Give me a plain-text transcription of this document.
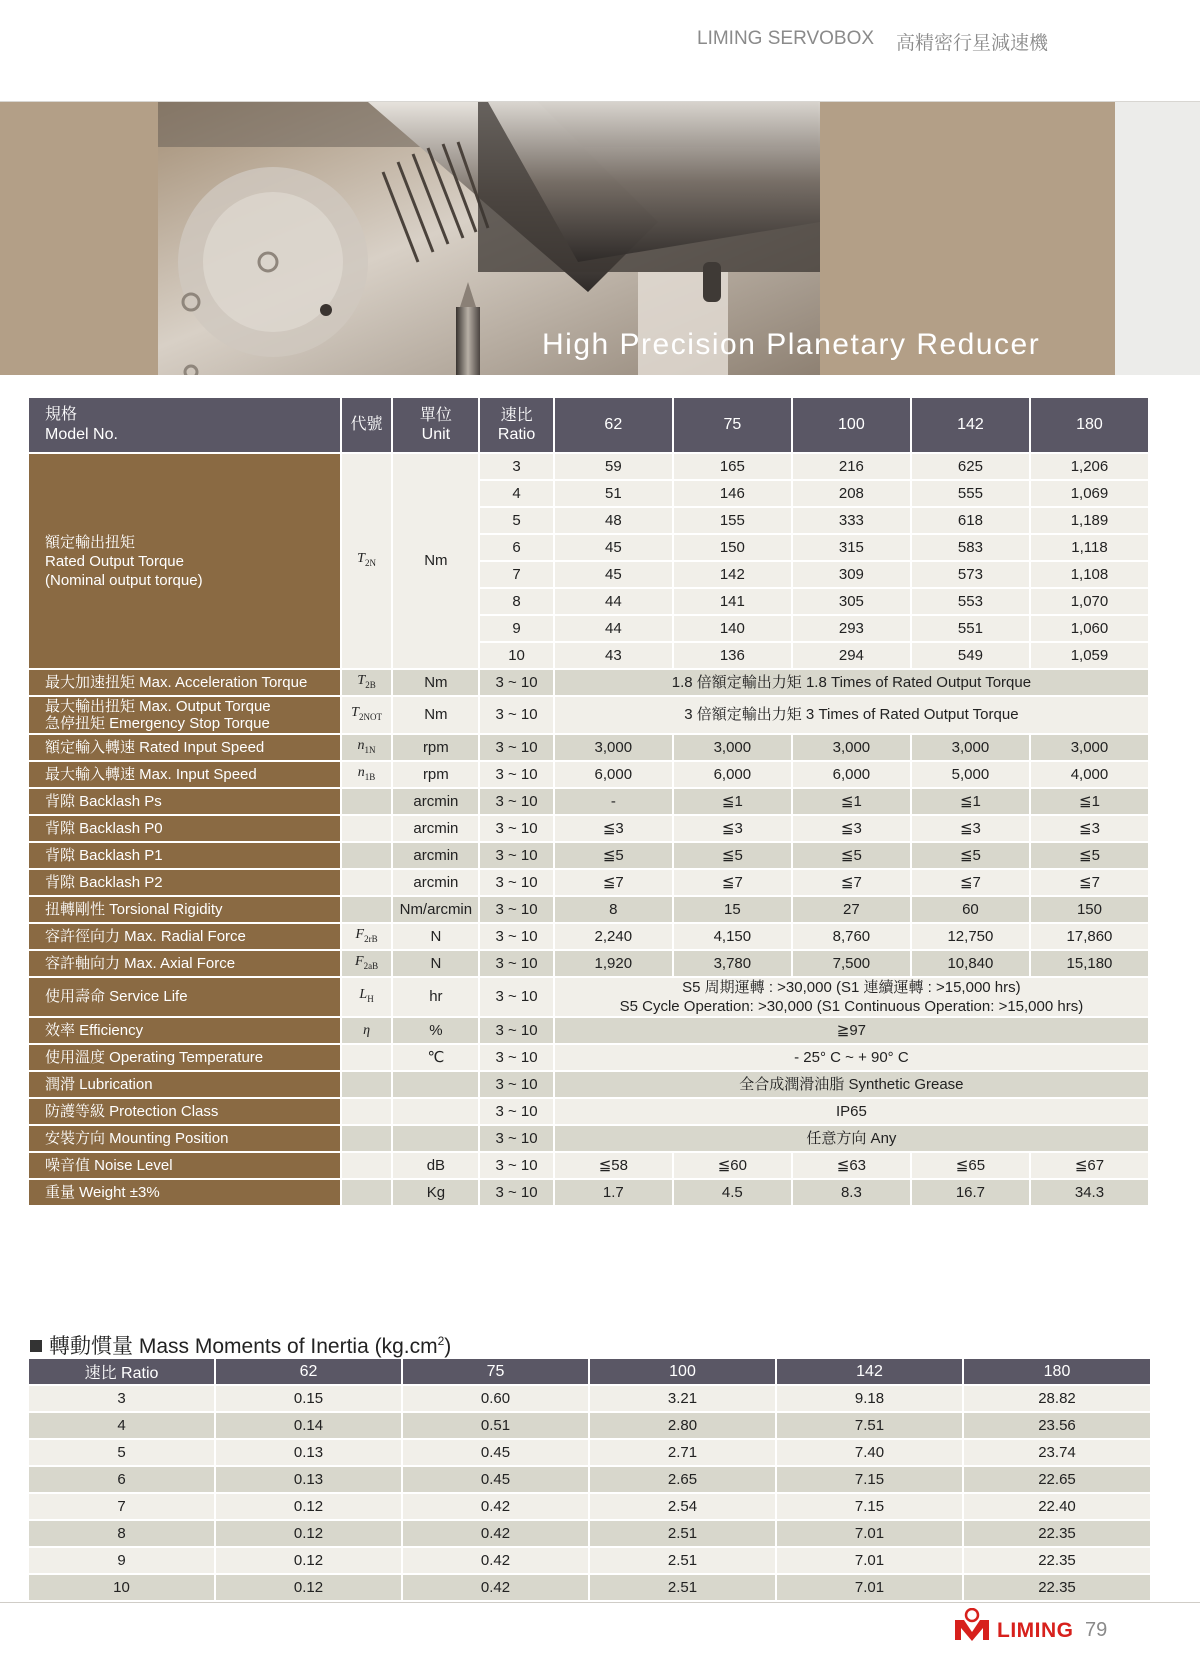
LIMING SERVOBOX 高精密行星減速機
High Precision Planetary Reducer
規格
Model No.	代號	單位
Unit	速比
Ratio	62	75	100	142	180
額定輸出扭矩
Rated Output Torque
(Nominal output torque)	$T_{2N}$	Nm	3	59	165	216	625	1,206
			4	51	146	208	555	1,069
			5	48	155	333	618	1,189
			6	45	150	315	583	1,118
			7	45	142	309	573	1,108
			8	44	141	305	553	1,070
			9	44	140	293	551	1,060
			10	43	136	294	549	1,059
最大加速扭矩 Max. Acceleration Torque	$T_{2B}$	Nm	3 ~ 10	1.8 倍額定輸出力矩 1.8 Times of Rated Output Torque				
最大輸出扭矩 Max. Output Torque
急停扭矩 Emergency Stop Torque	$T_{2NOT}$	Nm	3 ~ 10	3 倍額定輸出力矩 3 Times of Rated Output Torque				
額定輸入轉速 Rated Input Speed	$n_{1N}$	rpm	3 ~ 10	3,000	3,000	3,000	3,000	3,000
最大輸入轉速 Max. Input Speed	$n_{1B}$	rpm	3 ~ 10	6,000	6,000	6,000	5,000	4,000
背隙 Backlash Ps		arcmin	3 ~ 10	-	≦1	≦1	≦1	≦1
背隙 Backlash P0		arcmin	3 ~ 10	≦3	≦3	≦3	≦3	≦3
背隙 Backlash P1		arcmin	3 ~ 10	≦5	≦5	≦5	≦5	≦5
背隙 Backlash P2		arcmin	3 ~ 10	≦7	≦7	≦7	≦7	≦7
扭轉剛性 Torsional Rigidity		Nm/arcmin	3 ~ 10	8	15	27	60	150
容許徑向力 Max. Radial Force	$F_{2rB}$	N	3 ~ 10	2,240	4,150	8,760	12,750	17,860
容許軸向力 Max. Axial Force	$F_{2aB}$	N	3 ~ 10	1,920	3,780	7,500	10,840	15,180
使用壽命 Service Life	$L_H$	hr	3 ~ 10	S5 周期運轉 : >30,000 (S1 連續運轉 : >15,000 hrs)
S5 Cycle Operation: >30,000 (S1 Continuous Operation: >15,000 hrs)				
效率 Efficiency	η	%	3 ~ 10	≧97				
使用溫度 Operating Temperature		℃	3 ~ 10	- 25° C ~ + 90° C				
潤滑 Lubrication			3 ~ 10	全合成潤滑油脂 Synthetic Grease				
防護等級 Protection Class			3 ~ 10	IP65				
安裝方向 Mounting Position			3 ~ 10	任意方向 Any				
噪音值 Noise Level		dB	3 ~ 10	≦58	≦60	≦63	≦65	≦67
重量 Weight ±3%		Kg	3 ~ 10	1.7	4.5	8.3	16.7	34.3
轉動慣量 Mass Moments of Inertia $(kg.cm^2)$
速比 Ratio	62	75	100	142	180
3	0.15	0.60	3.21	9.18	28.82
4	0.14	0.51	2.80	7.51	23.56
5	0.13	0.45	2.71	7.40	23.74
6	0.13	0.45	2.65	7.15	22.65
7	0.12	0.42	2.54	7.15	22.40
8	0.12	0.42	2.51	7.01	22.35
9	0.12	0.42	2.51	7.01	22.35
10	0.12	0.42	2.51	7.01	22.35
LIMING 79
